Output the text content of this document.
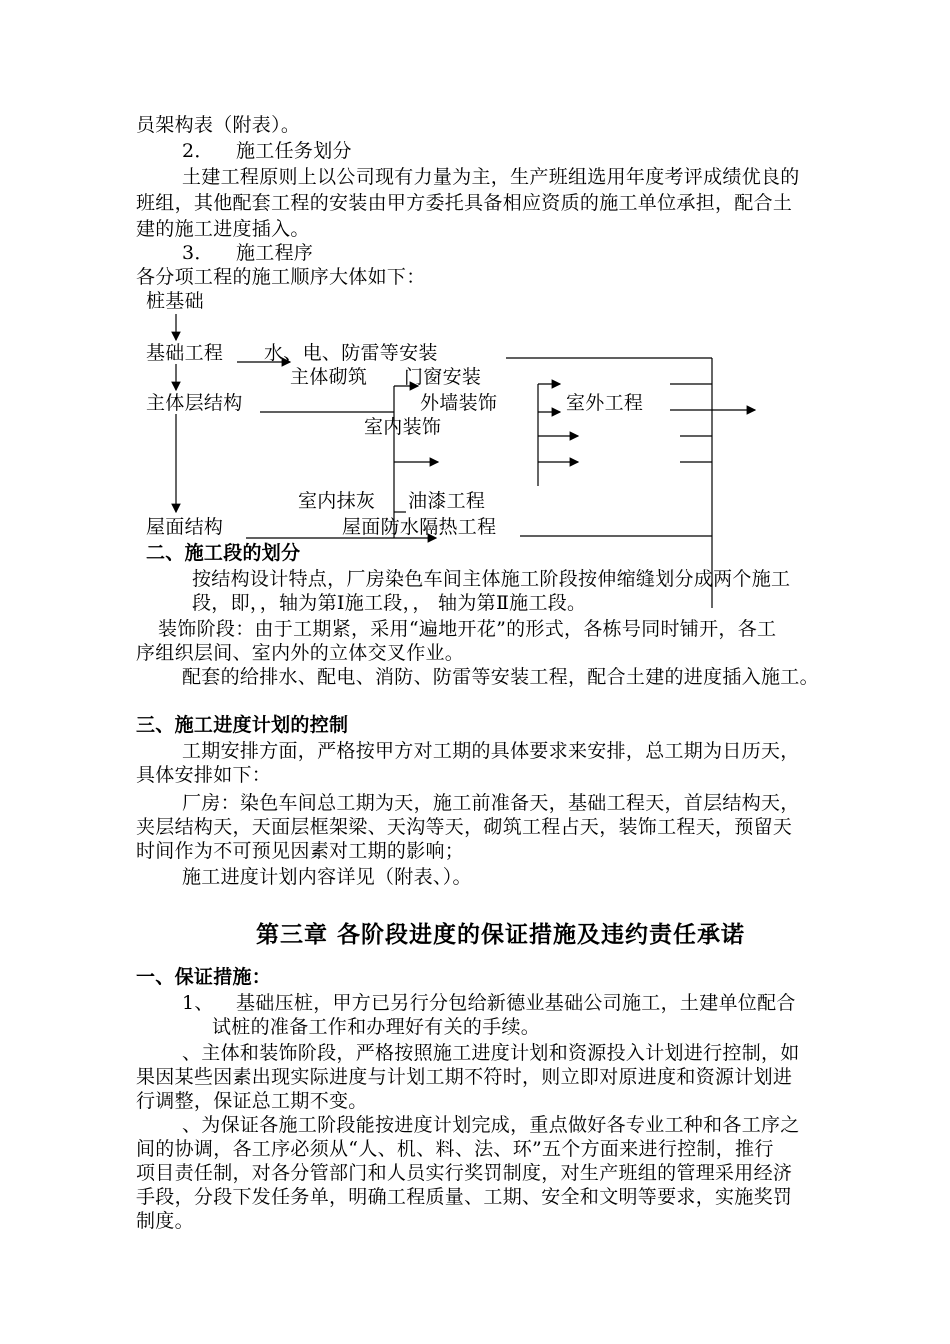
员架构表（附表）。
2． 施工任务划分
土建工程原则上以公司现有力量为主，生产班组选用年度考评成绩优良的
班组，其他配套工程的安装由甲方委托具备相应资质的施工单位承担，配合土
建的施工进度插入。
3． 施工程序
各分项工程的施工顺序大体如下：
桩基础
基础工程 水、电、防雷等安装
主体砌筑 门窗安装
主体层结构	外墙装饰	室外工程
室内装饰
室内抹灰 油漆工程
屋面结构	屋面防水隔热工程
二、施工段的划分
按结构设计特点，厂房染色车间主体施工阶段按伸缩缝划分成两个施工
段，即，，轴为第Ⅰ施工段，， 轴为第Ⅱ施工段。
装饰阶段：由于工期紧，采用“遍地开花”的形式，各栋号同时铺开，各工
序组织层间、室内外的立体交叉作业。
配套的给排水、配电、消防、防雷等安装工程，配合土建的进度插入施工。
三、施工进度计划的控制
工期安排方面，严格按甲方对工期的具体要求来安排，总工期为日历天，
具体安排如下：
厂房：染色车间总工期为天，施工前准备天，基础工程天，首层结构天，
夹层结构天，天面层框架梁、天沟等天，砌筑工程占天，装饰工程天，预留天
时间作为不可预见因素对工期的影响；
施工进度计划内容详见（附表、）。
第三章 各阶段进度的保证措施及违约责任承诺
一、保证措施：
1、 基础压桩，甲方已另行分包给新德业基础公司施工，土建单位配合
试桩的准备工作和办理好有关的手续。
、主体和装饰阶段，严格按照施工进度计划和资源投入计划进行控制，如
果因某些因素出现实际进度与计划工期不符时，则立即对原进度和资源计划进
行调整，保证总工期不变。
、为保证各施工阶段能按进度计划完成，重点做好各专业工种和各工序之
间的协调，各工序必须从“人、机、料、法、环”五个方面来进行控制，推行
项目责任制，对各分管部门和人员实行奖罚制度，对生产班组的管理采用经济
手段，分段下发任务单，明确工程质量、工期、安全和文明等要求，实施奖罚
制度。
